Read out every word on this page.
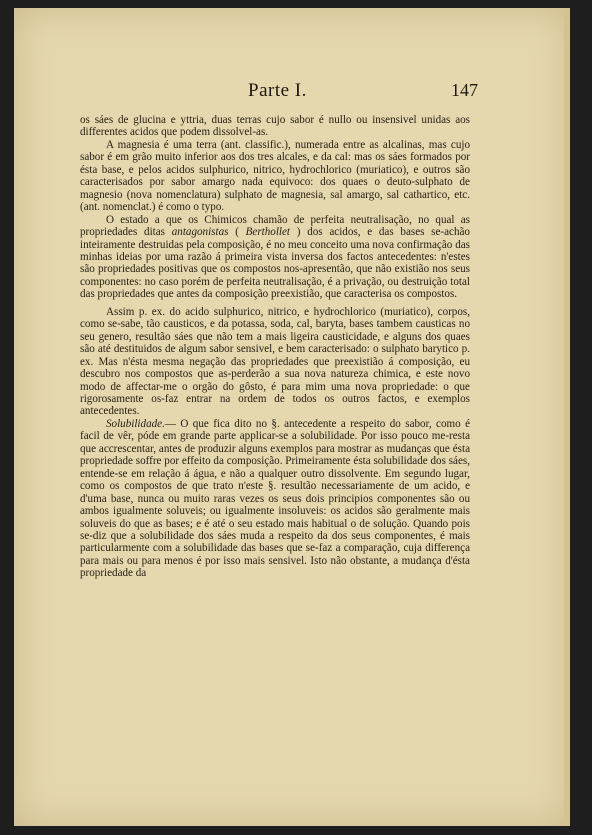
Parte I.	147

os sáes de glucina e yttria, duas terras cujo sabor é nullo ou insensivel unidas aos differentes acidos que podem dissolvel-as.

A magnesia é uma terra (ant. classific.), numerada entre as alcalinas, mas cujo sabor é em grão muito inferior aos dos tres alcales, e da cal: mas os sáes formados por ésta base, e pelos acidos sulphurico, nitrico, hydrochlorico (muriatico), e outros são caracterisados por sabor amargo nada equivoco: dos quaes o deuto-sulphato de magnesio (nova nomenclatura) sulphato de magnesia, sal amargo, sal cathartico, etc. (ant. nomenclat.) é como o typo.

O estado a que os Chimicos chamão de perfeita neutralisação, no qual as propriedades ditas antagonistas ( Berthollet ) dos acidos, e das bases se-achão inteiramente destruidas pela composição, é no meu conceito uma nova confirmação das minhas ideias por uma razão á primeira vista inversa dos factos antecedentes: n'estes são propriedades positivas que os compostos nos-apresentão, que não existião nos seus componentes: no caso porém de perfeita neutralisação, é a privação, ou destruição total das propriedades que antes da composição preexistião, que caracterisa os compostos.

Assim p. ex. do acido sulphurico, nitrico, e hydrochlorico (muriatico), corpos, como se-sabe, tão causticos, e da potassa, soda, cal, baryta, bases tambem causticas no seu genero, resultão sáes que não tem a mais ligeira causticidade, e alguns dos quaes são até destituidos de algum sabor sensivel, e bem caracterisado: o sulphato barytico p. ex. Mas n'ésta mesma negação das propriedades que preexistião á composição, eu descubro nos compostos que as-perderão a sua nova natureza chimica, e este novo modo de affectar-me o orgão do gôsto, é para mim uma nova propriedade: o que rigorosamente os-faz entrar na ordem de todos os outros factos, e exemplos antecedentes.

Solubilidade.— O que fica dito no §. antecedente a respeito do sabor, como é facil de vêr, póde em grande parte applicar-se a solubilidade. Por isso pouco me-resta que accrescentar, antes de produzir alguns exemplos para mostrar as mudanças que ésta propriedade soffre por effeito da composição. Primeiramente ésta solubilidade dos sáes, entende-se em relação á água, e não a qualquer outro dissolvente. Em segundo lugar, como os compostos de que trato n'este §. resultão necessariamente de um acido, e d'uma base, nunca ou muito raras vezes os seus dois principios componentes são ou ambos igualmente soluveis; ou igualmente insoluveis: os acidos são geralmente mais soluveis do que as bases; e é até o seu estado mais habitual o de solução. Quando pois se-diz que a solubilidade dos sáes muda a respeito da dos seus componentes, é mais particularmente com a solubilidade das bases que se-faz a comparação, cuja differença para mais ou para menos é por isso mais sensivel. Isto não obstante, a mudança d'ésta propriedade da
